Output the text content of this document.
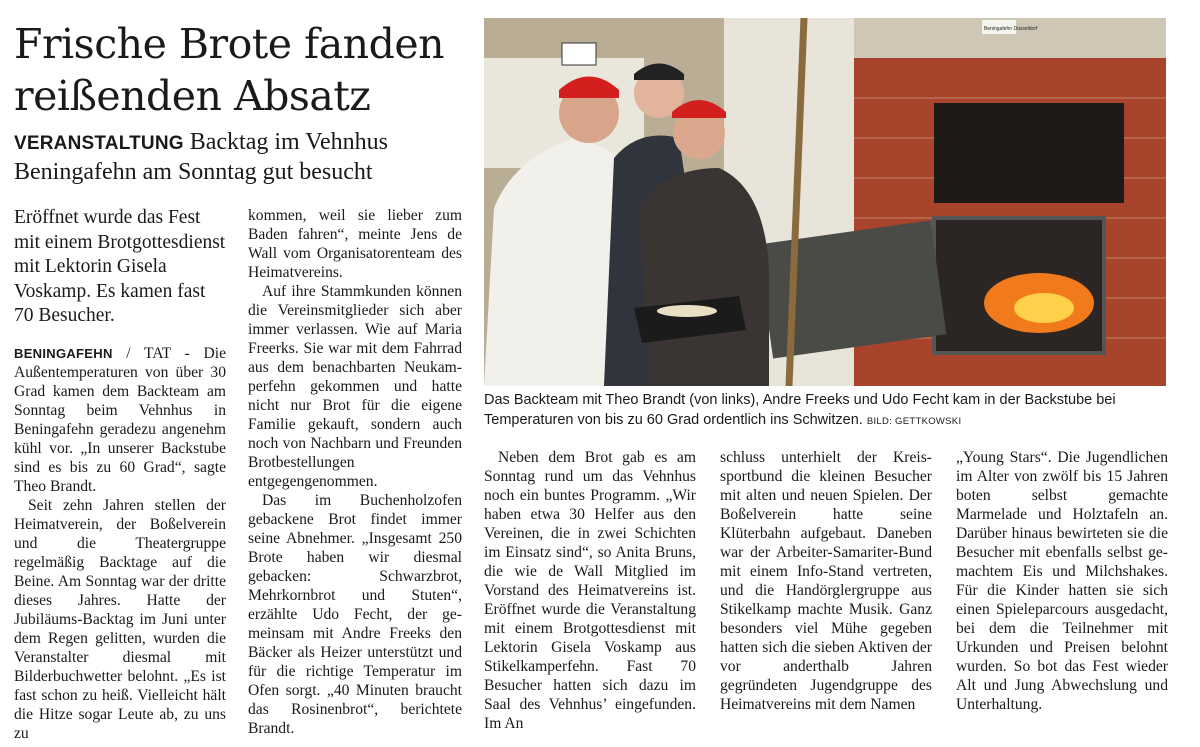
Frische Brote fanden
reißenden Absatz

VERANSTALTUNG Backtag im Vehnhus
Beningafehn am Sonntag gut besucht

Eröffnet wurde das Fest mit einem Brotgottesdienst mit Lektorin Gisela Voskamp. Es kamen fast 70 Besucher.

BENINGAFEHN / TAT - Die Außentemperaturen von über 30 Grad kamen dem Backteam am Sonntag beim Vehnhus in Beningafehn geradezu angenehm kühl vor. „In unserer Backstube sind es bis zu 60 Grad“, sagte Theo Brandt.

Seit zehn Jahren stellen der Heimatverein, der Boßelverein und die Theatergruppe regelmäßig Backtage auf die Beine. Am Sonntag war der dritte dieses Jahres. Hatte der Jubiläums-Backtag im Juni unter dem Regen gelitten, wurden die Veranstalter diesmal mit Bilderbuchwetter belohnt. „Es ist fast schon zu heiß. Vielleicht hält die Hitze sogar Leute ab, zu uns zu

kommen, weil sie lieber zum Baden fahren“, meinte Jens de Wall vom Organisatorenteam des Heimatvereins.

Auf ihre Stammkunden können die Vereinsmitglieder sich aber immer verlassen. Wie auf Maria Freerks. Sie war mit dem Fahrrad aus dem benachbarten Neukamperfehn gekommen und hatte nicht nur Brot für die eigene Familie gekauft, sondern auch noch von Nachbarn und Freunden Brotbestellungen entgegengenommen.

Das im Buchenholzofen gebackene Brot findet immer seine Abnehmer. „Insgesamt 250 Brote haben wir diesmal gebacken: Schwarzbrot, Mehrkornbrot und Stuten“, erzählte Udo Fecht, der gemeinsam mit Andre Freeks den Bäcker als Heizer unterstützt und für die richtige Temperatur im Ofen sorgt. „40 Minuten braucht das Rosinenbrot“, berichtete Brandt.

Beningafehn Düsseldorf

Das Backteam mit Theo Brandt (von links), Andre Freeks und Udo Fecht kam in der Backstube bei Temperaturen von bis zu 60 Grad ordentlich ins Schwitzen. BILD: GETTKOWSKI

Neben dem Brot gab es am Sonntag rund um das Vehnhus noch ein buntes Programm. „Wir haben etwa 30 Helfer aus den Vereinen, die in zwei Schichten im Einsatz sind“, so Anita Bruns, die wie de Wall Mitglied im Vorstand des Heimatvereins ist. Eröffnet wurde die Veranstaltung mit einem Brotgottesdienst mit Lektorin Gisela Voskamp aus Stikelkamperfehn. Fast 70 Besucher hatten sich dazu im Saal des Vehnhus’ eingefunden. Im An

schluss unterhielt der Kreissportbund die kleinen Besucher mit alten und neuen Spielen. Der Boßelverein hatte seine Klüterbahn aufgebaut. Daneben war der Arbeiter-Samariter-Bund mit einem Info-Stand vertreten, und die Handörglergruppe aus Stikelkamp machte Musik. Ganz besonders viel Mühe gegeben hatten sich die sieben Aktiven der vor anderthalb Jahren gegründeten Jugendgruppe des Heimatvereins mit dem Namen

„Young Stars“. Die Jugendlichen im Alter von zwölf bis 15 Jahren boten selbst gemachte Marmelade und Holztafeln an. Darüber hinaus bewirteten sie die Besucher mit ebenfalls selbst gemachtem Eis und Milchshakes. Für die Kinder hatten sie sich einen Spieleparcours ausgedacht, bei dem die Teilnehmer mit Urkunden und Preisen belohnt wurden. So bot das Fest wieder Alt und Jung Abwechslung und Unterhaltung.
